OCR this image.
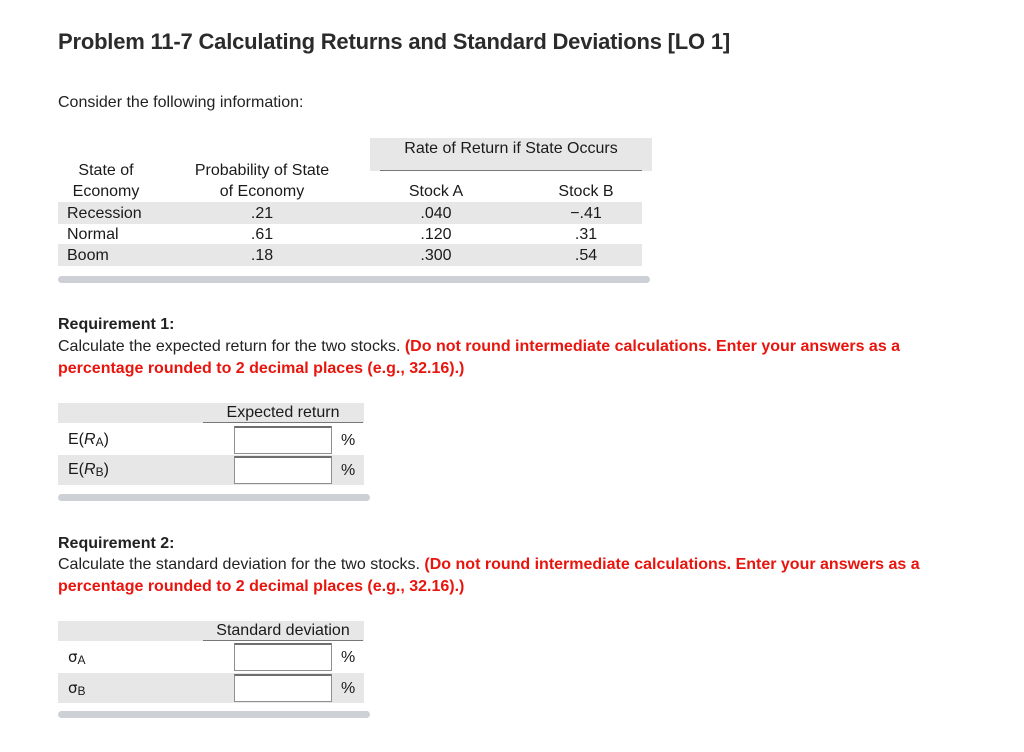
Problem 11-7 Calculating Returns and Standard Deviations [LO 1]
Consider the following information:
Rate of Return if State Occurs
State of
Economy
Probability of State
of Economy	Stock A	Stock B
Recession	.21	.040	−.41
Normal	.61	.120	.31
Boom	.18	.300	.54
Requirement 1:
Calculate the expected return for the two stocks. (Do not round intermediate calculations. Enter your answers as a percentage rounded to 2 decimal places (e.g., 32.16).)
Expected return
$E(R_A)$	%
$E(R_B)$	%
Requirement 2:
Calculate the standard deviation for the two stocks. (Do not round intermediate calculations. Enter your answers as a percentage rounded to 2 decimal places (e.g., 32.16).)
Standard deviation
$\sigma_A$	%
$\sigma_B$	%
